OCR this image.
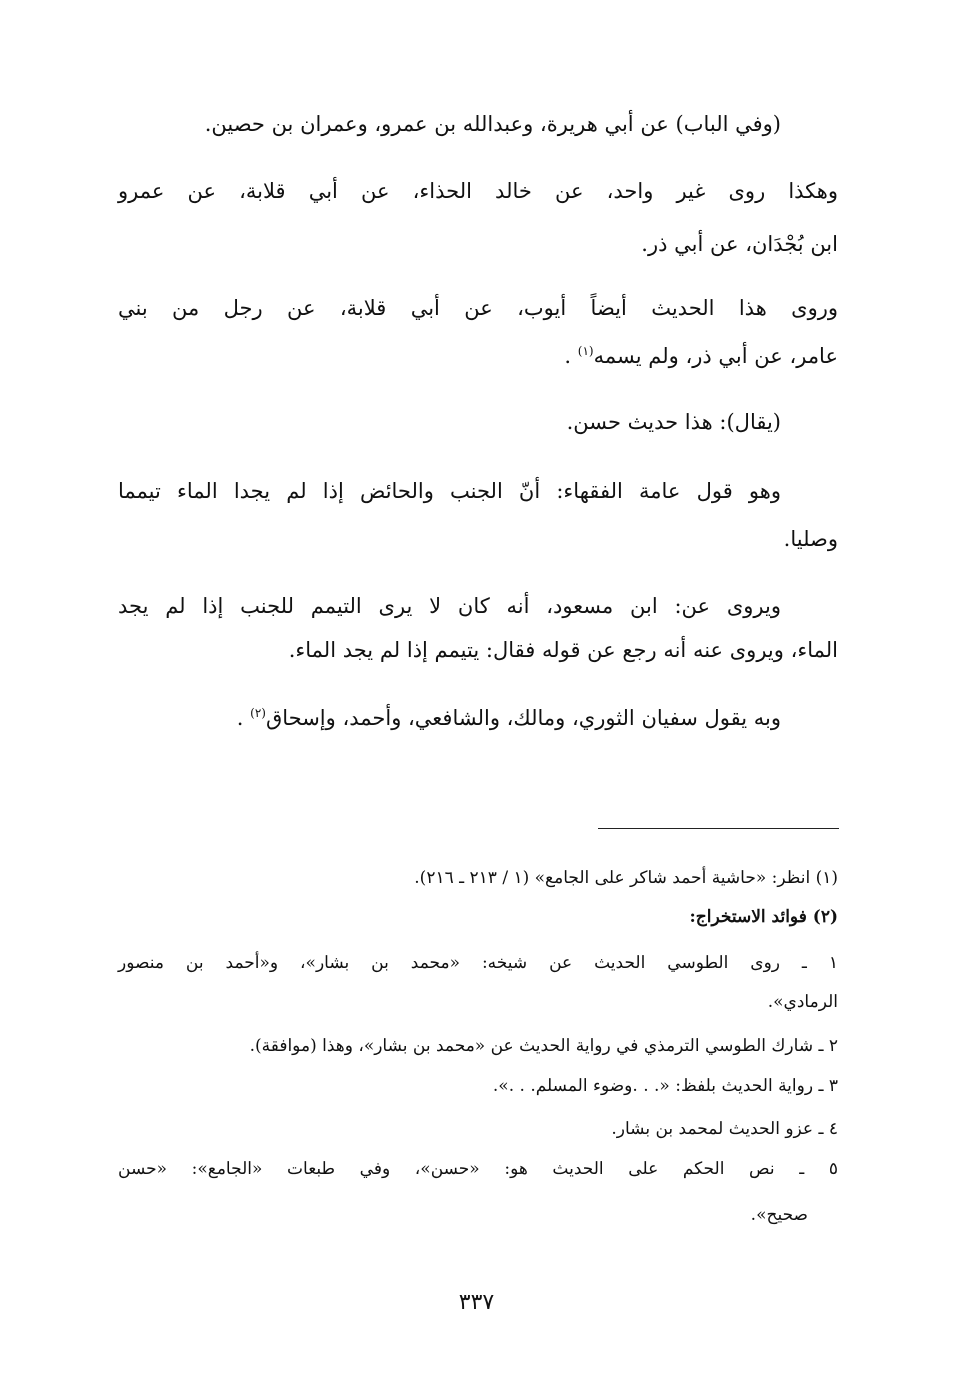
(وفي الباب) عن أبي هريرة، وعبدالله بن عمرو، وعمران بن حصين.
وهكذا روى غير واحد، عن خالد الحذاء، عن أبي قلابة، عن عمرو
ابن بُجْدَان، عن أبي ذر.
وروى هذا الحديث أيضاً أيوب، عن أبي قلابة، عن رجل من بني
عامر، عن أبي ذر، ولم يسمه$^{(١)}$ .
(يقال): هذا حديث حسن.
وهو قول عامة الفقهاء: أنّ الجنب والحائض إذا لم يجدا الماء تيمما
وصليا.
ويروى عن: ابن مسعود، أنه كان لا يرى التيمم للجنب إذا لم يجد
الماء، ويروى عنه أنه رجع عن قوله فقال: يتيمم إذا لم يجد الماء.
وبه يقول سفيان الثوري، ومالك، والشافعي، وأحمد، وإسحاق$^{(٢)}$ .
(١) انظر: «حاشية أحمد شاكر على الجامع» (١ / ٢١٣ ـ ٢١٦).
(٢) فوائد الاستخراج:
١ ـ روى الطوسي الحديث عن شيخه: «محمد بن بشار»، و«أحمد بن منصور
الرمادي».
٢ ـ شارك الطوسي الترمذي في رواية الحديث عن «محمد بن بشار»، وهذا (موافقة).
٣ ـ رواية الحديث بلفظ: «. . .وضوء المسلم. . .».
٤ ـ عزو الحديث لمحمد بن بشار.
٥ ـ نص الحكم على الحديث هو: «حسن»، وفي طبعات «الجامع»: «حسن
صحيح».
٣٣٧
